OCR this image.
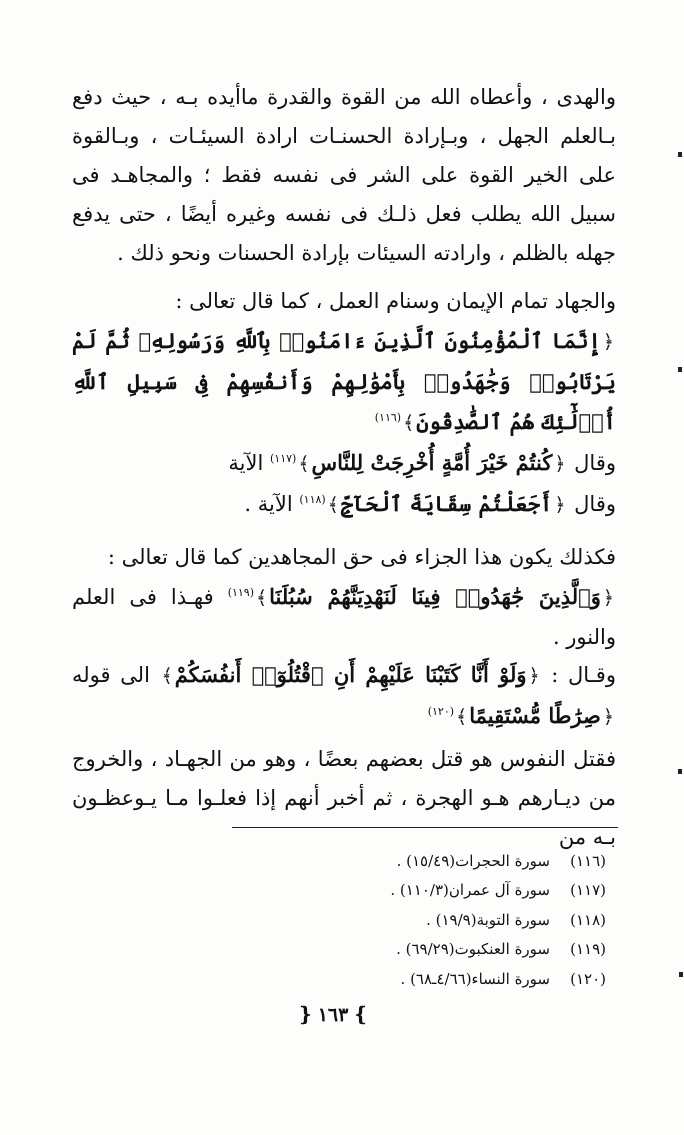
والهدى ، وأعطاه الله من القوة والقدرة ماأيده بـه ، حيث دفع بـالعلم الجهل ، وبـإرادة الحسنـات ارادة السيئـات ، وبـالقوة على الخير القوة على الشر فى نفسه فقط ؛ والمجاهـد فى سبيل الله يطلب فعل ذلـك فى نفسه وغيره أيضًا ، حتى يدفع جهله بالظلم ، وارادته السيئات بإرادة الحسنات ونحو ذلك .

والجهاد تمام الإيمان وسنام العمل ، كما قال تعالى :
﴿إِنَّمَا ٱلْمُؤْمِنُونَ ٱلَّذِينَ ءَامَنُوا۟ بِٱللَّهِ وَرَسُولِهِۦ ثُمَّ لَمْ يَرْتَابُوا۟ وَجَٰهَدُوا۟ بِأَمْوَٰلِهِمْ وَأَنفُسِهِمْ فِى سَبِيلِ ٱللَّهِ أُو۟لَٰٓئِكَ هُمُ ٱلصَّٰدِقُونَ﴾$^{(١١٦)}$
وقال ﴿كُنتُمْ خَيْرَ أُمَّةٍ أُخْرِجَتْ لِلنَّاسِ﴾$^{(١١٧)}$ الآية
وقال ﴿أَجَعَلْتُمْ سِقَايَةَ ٱلْحَآجِّ﴾$^{(١١٨)}$ الآية .

فكذلك يكون هذا الجزاء فى حق المجاهدين كما قال تعالى :
﴿وَٱلَّذِينَ جَٰهَدُوا۟ فِينَا لَنَهْدِيَنَّهُمْ سُبُلَنَا﴾$^{(١١٩)}$ فهـذا فى العلم والنور .

وقـال : ﴿وَلَوْ أَنَّا كَتَبْنَا عَلَيْهِمْ أَنِ ٱقْتُلُوٓا۟ أَنفُسَكُمْ﴾ الى قوله ﴿صِرَٰطًا مُّسْتَقِيمًا﴾$^{(١٢٠)}$

فقتل النفوس هو قتل بعضهم بعضًا ، وهو من الجهـاد ، والخروج من ديـارهم هـو الهجرة ، ثم أخبر أنهم إذا فعلـوا مـا يـوعظـون بـه من

(١١٦)
سورة الحجرات(١٥/٤٩) .
(١١٧)
سورة آل عمران(١١٠/٣) .
(١١٨)
سورة التوبة(١٩/٩) .
(١١٩)
سورة العنكبوت(٦٩/٢٩) .
(١٢٠)
سورة النساء(٤/٦٦ـ٦٨) .
❵١٦٣❴
